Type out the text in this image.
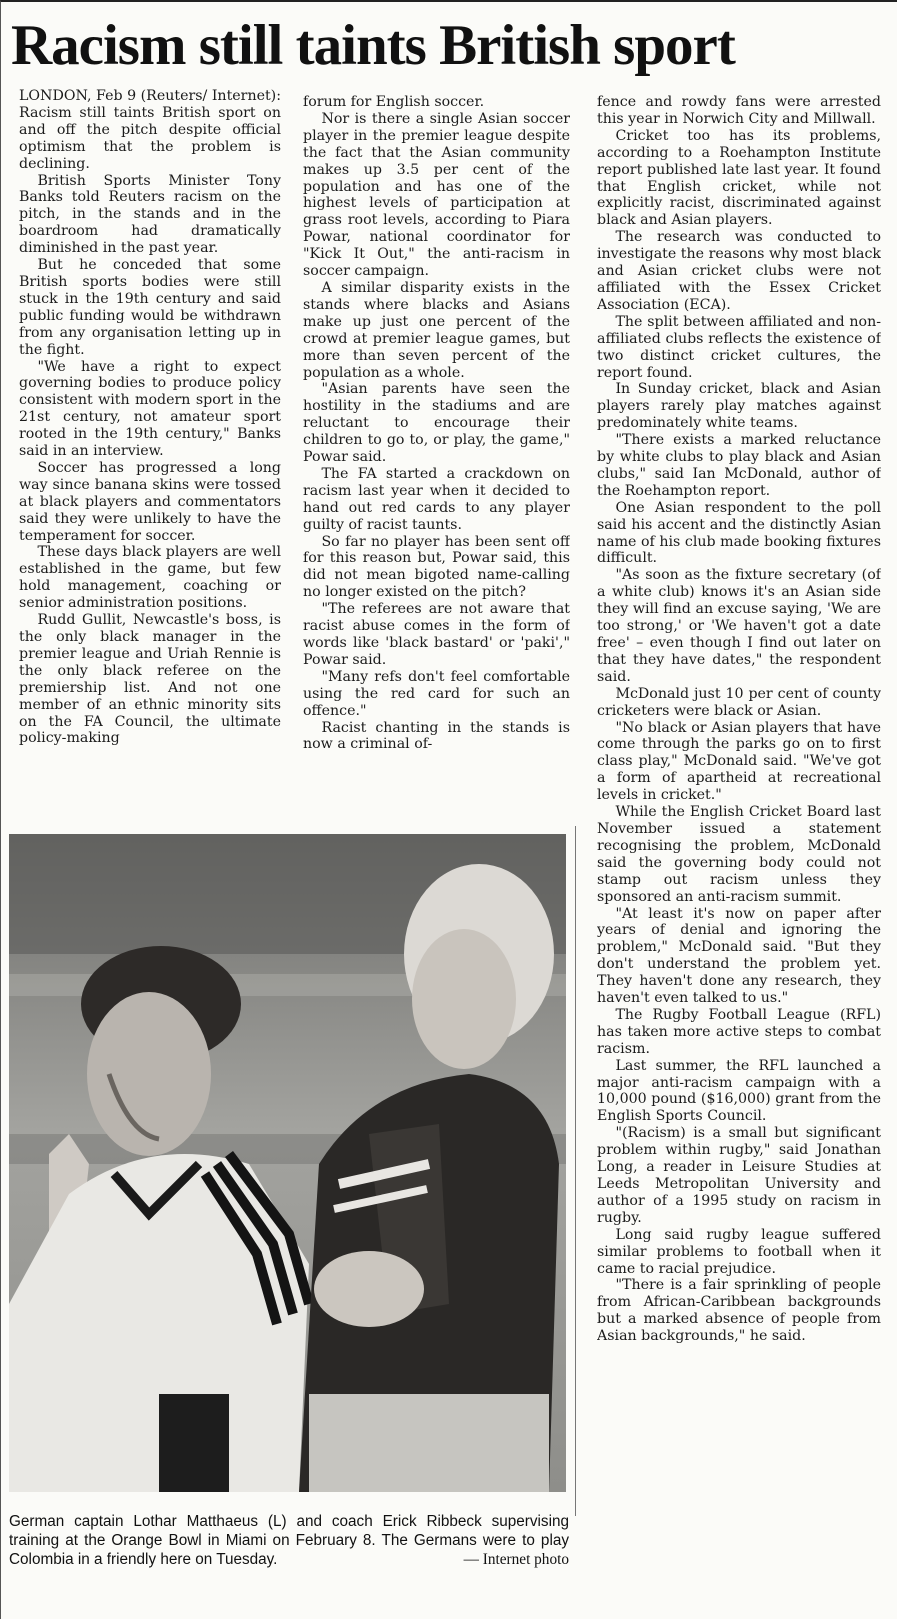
Racism still taints British sport

LONDON, Feb 9 (Reuters/ Internet): Racism still taints British sport on and off the pitch despite official optimism that the problem is declining.

British Sports Minister Tony Banks told Reuters racism on the pitch, in the stands and in the boardroom had dramatically diminished in the past year.

But he conceded that some British sports bodies were still stuck in the 19th century and said public funding would be withdrawn from any organisation letting up in the fight.

"We have a right to expect governing bodies to produce policy consistent with modern sport in the 21st century, not amateur sport rooted in the 19th century," Banks said in an interview.

Soccer has progressed a long way since banana skins were tossed at black players and commentators said they were unlikely to have the temperament for soccer.

These days black players are well established in the game, but few hold management, coaching or senior administration positions.

Rudd Gullit, Newcastle's boss, is the only black manager in the premier league and Uriah Rennie is the only black referee on the premiership list. And not one member of an ethnic minority sits on the FA Council, the ultimate policy-making

forum for English soccer.

Nor is there a single Asian soccer player in the premier league despite the fact that the Asian community makes up 3.5 per cent of the population and has one of the highest levels of participation at grass root levels, according to Piara Powar, national coordinator for "Kick It Out," the anti-racism in soccer campaign.

A similar disparity exists in the stands where blacks and Asians make up just one percent of the crowd at premier league games, but more than seven percent of the population as a whole.

"Asian parents have seen the hostility in the stadiums and are reluctant to encourage their children to go to, or play, the game," Powar said.

The FA started a crackdown on racism last year when it decided to hand out red cards to any player guilty of racist taunts.

So far no player has been sent off for this reason but, Powar said, this did not mean bigoted name-calling no longer existed on the pitch?

"The referees are not aware that racist abuse comes in the form of words like 'black bastard' or 'paki'," Powar said.

"Many refs don't feel comfortable using the red card for such an offence."

Racist chanting in the stands is now a criminal of-

fence and rowdy fans were arrested this year in Norwich City and Millwall.

Cricket too has its problems, according to a Roehampton Institute report published late last year. It found that English cricket, while not explicitly racist, discriminated against black and Asian players.

The research was conducted to investigate the reasons why most black and Asian cricket clubs were not affiliated with the Essex Cricket Association (ECA).

The split between affiliated and non-affiliated clubs reflects the existence of two distinct cricket cultures, the report found.

In Sunday cricket, black and Asian players rarely play matches against predominately white teams.

"There exists a marked reluctance by white clubs to play black and Asian clubs," said Ian McDonald, author of the Roehampton report.

One Asian respondent to the poll said his accent and the distinctly Asian name of his club made booking fixtures difficult.

"As soon as the fixture secretary (of a white club) knows it's an Asian side they will find an excuse saying, 'We are too strong,' or 'We haven't got a date free' – even though I find out later on that they have dates," the respondent said.

McDonald just 10 per cent of county cricketers were black or Asian.

"No black or Asian players that have come through the parks go on to first class play," McDonald said. "We've got a form of apartheid at recreational levels in cricket."

While the English Cricket Board last November issued a statement recognising the problem, McDonald said the governing body could not stamp out racism unless they sponsored an anti-racism summit.

"At least it's now on paper after years of denial and ignoring the problem," McDonald said. "But they don't understand the problem yet. They haven't done any research, they haven't even talked to us."

The Rugby Football League (RFL) has taken more active steps to combat racism.

Last summer, the RFL launched a major anti-racism campaign with a 10,000 pound ($16,000) grant from the English Sports Council.

"(Racism) is a small but significant problem within rugby," said Jonathan Long, a reader in Leisure Studies at Leeds Metropolitan University and author of a 1995 study on racism in rugby.

Long said rugby league suffered similar problems to football when it came to racial prejudice.

"There is a fair sprinkling of people from African-Caribbean backgrounds but a marked absence of people from Asian backgrounds," he said.

German captain Lothar Matthaeus (L) and coach Erick Ribbeck supervising training at the Orange Bowl in Miami on February 8. The Germans were to play Colombia in a friendly here on Tuesday.	— Internet photo
